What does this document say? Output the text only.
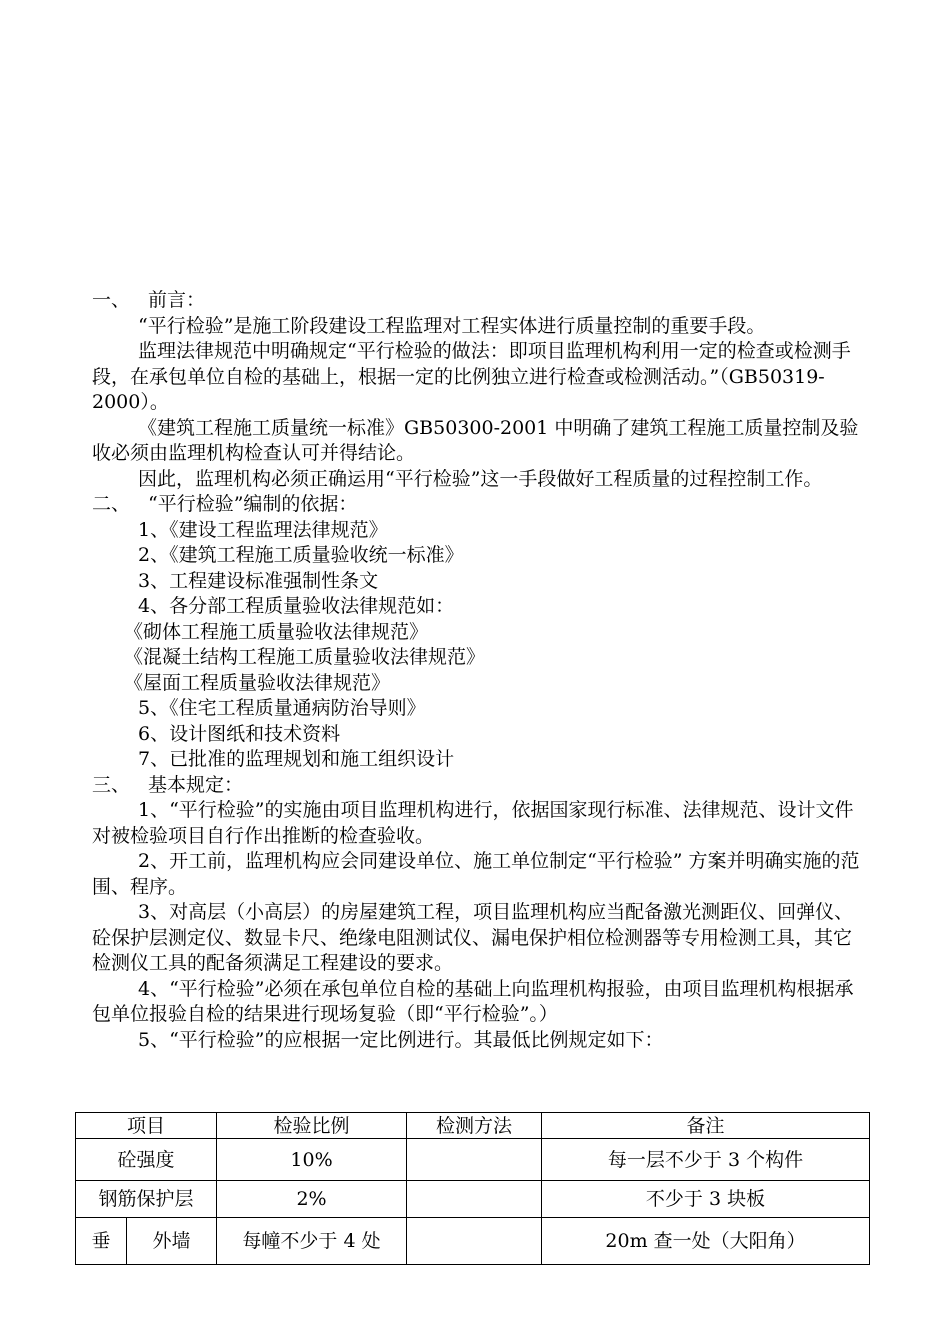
一、 前言：
“平行检验”是施工阶段建设工程监理对工程实体进行质量控制的重要手段。
监理法律规范中明确规定“平行检验的做法：即项目监理机构利用一定的检查或检测手段，在承包单位自检的基础上，根据一定的比例独立进行检查或检测活动。”（GB50319-2000）。
《建筑工程施工质量统一标准》GB50300-2001 中明确了建筑工程施工质量控制及验收必须由监理机构检查认可并得结论。
因此，监理机构必须正确运用“平行检验”这一手段做好工程质量的过程控制工作。
二、 “平行检验”编制的依据：
1、《建设工程监理法律规范》
2、《建筑工程施工质量验收统一标准》
3、工程建设标准强制性条文
4、各分部工程质量验收法律规范如：
《砌体工程施工质量验收法律规范》
《混凝土结构工程施工质量验收法律规范》
《屋面工程质量验收法律规范》
5、《住宅工程质量通病防治导则》
6、设计图纸和技术资料
7、已批准的监理规划和施工组织设计
三、 基本规定：
1、“平行检验”的实施由项目监理机构进行，依据国家现行标准、法律规范、设计文件对被检验项目自行作出推断的检查验收。
2、开工前，监理机构应会同建设单位、施工单位制定“平行检验” 方案并明确实施的范围、程序。
3、对高层（小高层）的房屋建筑工程，项目监理机构应当配备激光测距仪、回弹仪、砼保护层测定仪、数显卡尺、绝缘电阻测试仪、漏电保护相位检测器等专用检测工具，其它检测仪工具的配备须满足工程建设的要求。
4、“平行检验”必须在承包单位自检的基础上向监理机构报验，由项目监理机构根据承包单位报验自检的结果进行现场复验（即“平行检验”。）
5、“平行检验”的应根据一定比例进行。其最低比例规定如下：
项目		检验比例	检测方法	备注
砼强度		10%		每一层不少于 3 个构件
钢筋保护层		2%		不少于 3 块板
垂	外墙	每幢不少于 4 处		20m 查一处（大阳角）
